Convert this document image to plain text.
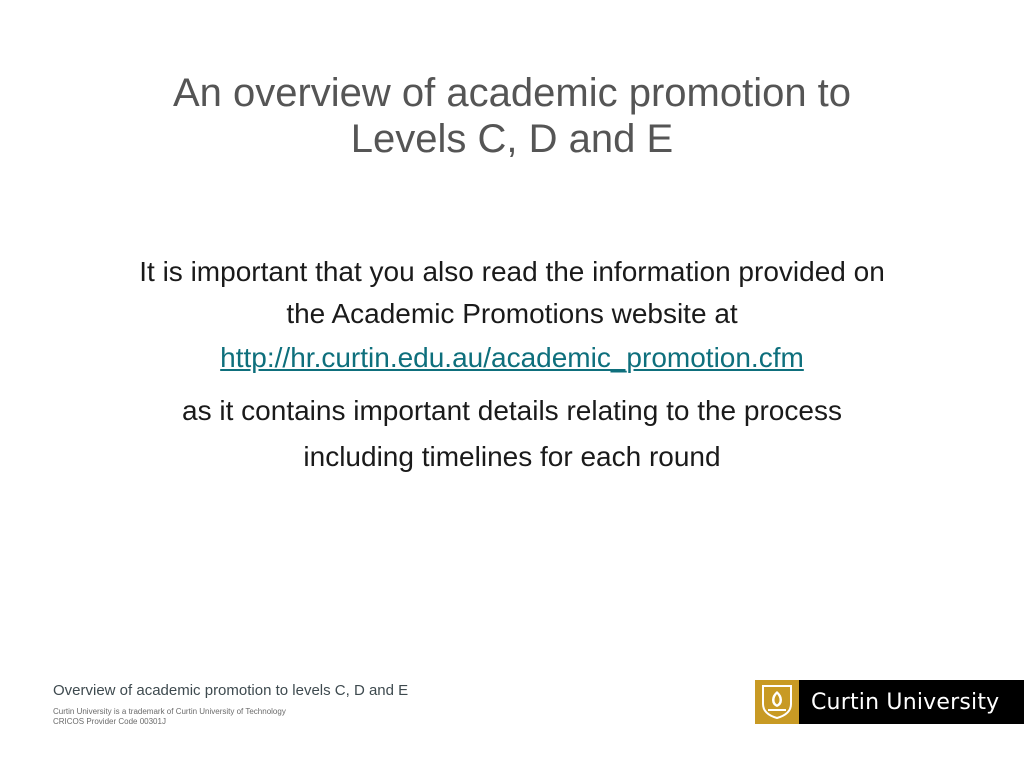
An overview of academic promotion to
Levels C, D and E

It is important that you also read the information provided on
the Academic Promotions website at
http://hr.curtin.edu.au/academic_promotion.cfm

as it contains important details relating to the process
including timelines for each round

Overview of academic promotion to levels C, D and E
Curtin University is a trademark of Curtin University of Technology
CRICOS Provider Code 00301J
Curtin University
